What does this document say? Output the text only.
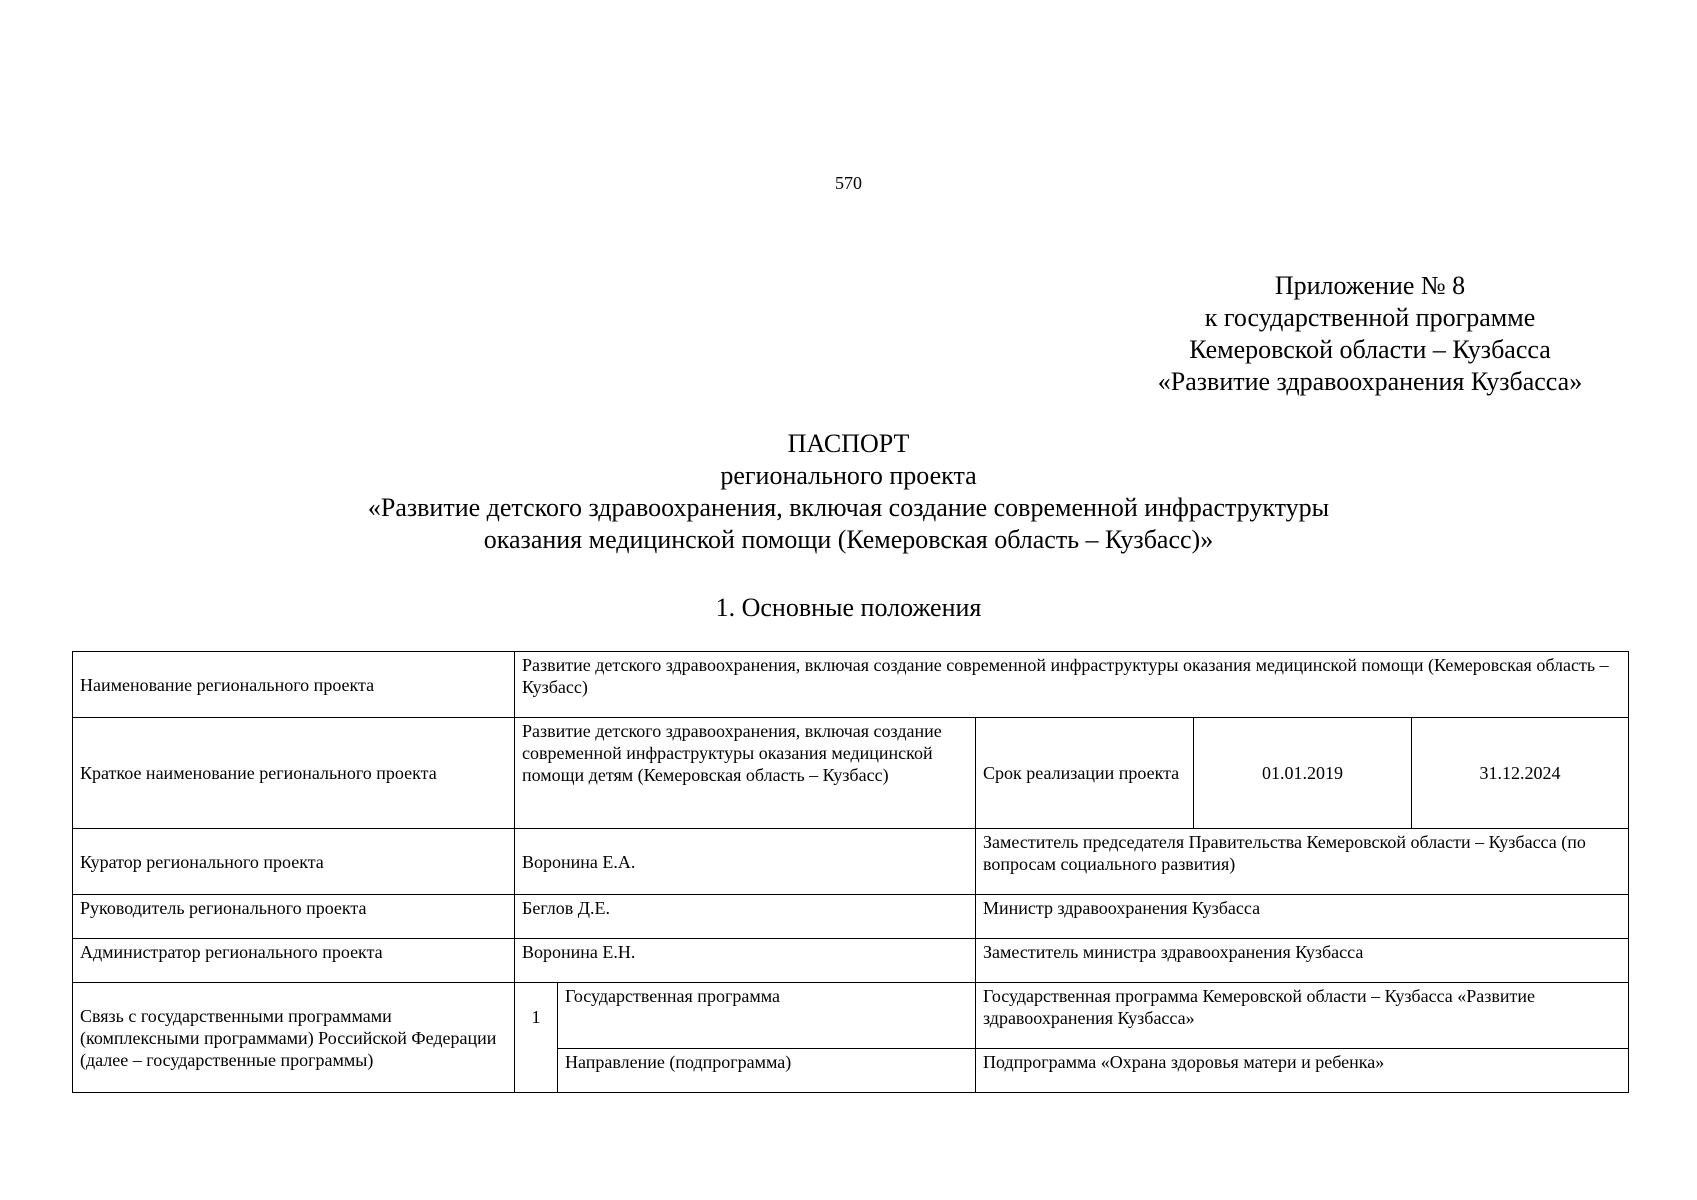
570
Приложение № 8
к государственной программе
Кемеровской области – Кузбасса
«Развитие здравоохранения Кузбасса»
ПАСПОРТ
регионального проекта
«Развитие детского здравоохранения, включая создание современной инфраструктуры
оказания медицинской помощи (Кемеровская область – Кузбасс)»
1. Основные положения
Наименование регионального проекта	Развитие детского здравоохранения, включая создание современной инфраструктуры оказания медицинской помощи (Кемеровская область – Кузбасс)				
Краткое наименование регионального проекта	Развитие детского здравоохранения, включая создание современной инфраструктуры оказания медицинской помощи детям (Кемеровская область – Кузбасс)		Срок реализации проекта	01.01.2019	31.12.2024
Куратор регионального проекта	Воронина Е.А.		Заместитель председателя Правительства Кемеровской области – Кузбасса (по вопросам социального развития)		
Руководитель регионального проекта	Беглов Д.Е.		Министр здравоохранения Кузбасса		
Администратор регионального проекта	Воронина Е.Н.		Заместитель министра здравоохранения Кузбасса		
Связь с государственными программами (комплексными программами) Российской Федерации (далее – государственные программы)	1	Государственная программа	Государственная программа Кемеровской области – Кузбасса «Развитие здравоохранения Кузбасса»		
		Направление (подпрограмма)	Подпрограмма «Охрана здоровья матери и ребенка»		
